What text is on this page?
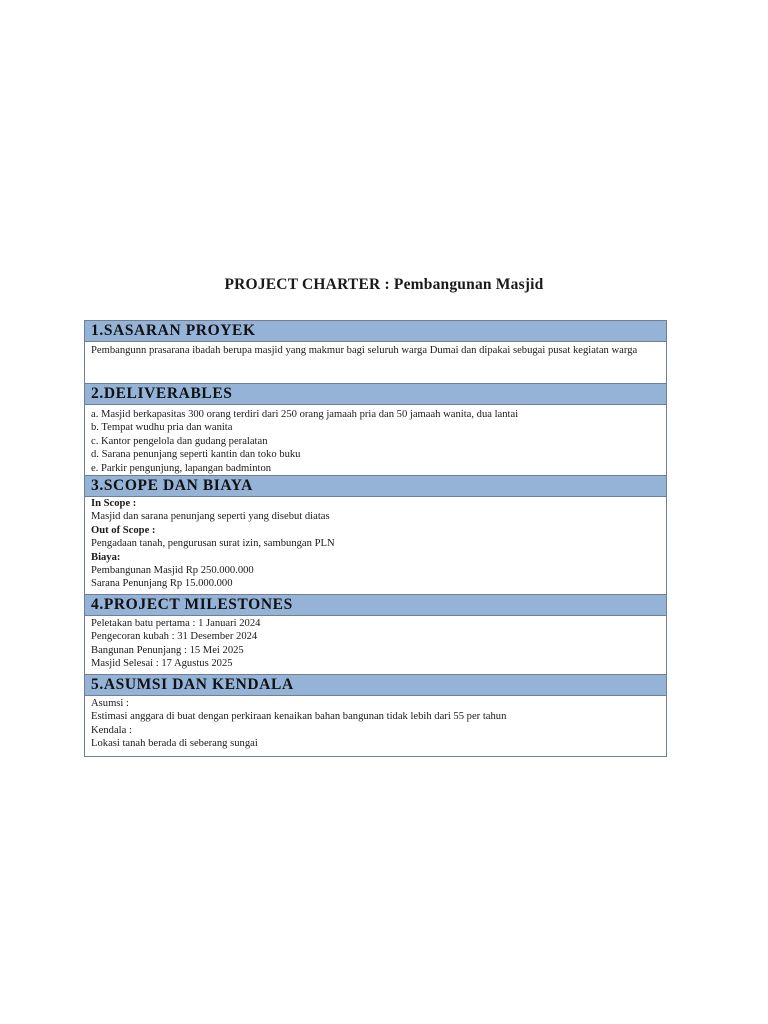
PROJECT CHARTER : Pembangunan Masjid
1.SASARAN PROYEK
Pembangunn prasarana ibadah berupa masjid yang makmur bagi seluruh warga Dumai dan dipakai sebugai pusat kegiatan warga
2.DELIVERABLES
a. Masjid berkapasitas 300 orang terdiri dari 250 orang jamaah pria dan 50 jamaah wanita, dua lantai
b. Tempat wudhu pria dan wanita
c. Kantor pengelola dan gudang peralatan
d. Sarana penunjang seperti kantin dan toko buku
e. Parkir pengunjung, lapangan badminton
3.SCOPE DAN BIAYA
In Scope :
Masjid dan sarana penunjang seperti yang disebut diatas
Out of Scope :
Pengadaan tanah, pengurusan surat izin, sambungan PLN
Biaya:
Pembangunan Masjid Rp 250.000.000
Sarana Penunjang Rp 15.000.000
4.PROJECT MILESTONES
Peletakan batu pertama : 1 Januari 2024
Pengecoran kubah : 31 Desember 2024
Bangunan Penunjang : 15 Mei 2025
Masjid Selesai : 17 Agustus 2025
5.ASUMSI DAN KENDALA
Asumsi :
Estimasi anggara di buat dengan perkiraan kenaikan bahan bangunan tidak lebih dari 55 per tahun
Kendala :
Lokasi tanah berada di seberang sungai
